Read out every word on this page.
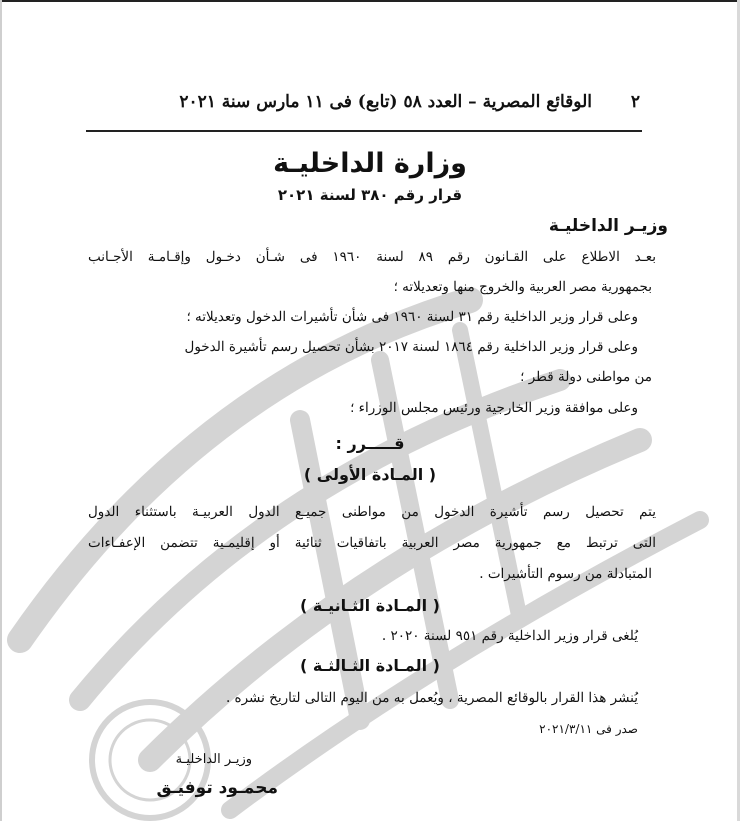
٢
الوقائع المصرية – العدد ٥٨ (تابع) فى ١١ مارس سنة ٢٠٢١
وزارة الداخليـة
قرار رقم ٣٨٠ لسنة ٢٠٢١
وزيـر الداخليـة
بعـد الاطلاع على القـانون رقم ٨٩ لسنة ١٩٦٠ فى شـأن دخـول وإقـامـة الأجـانب
بجمهورية مصر العربية والخروج منها وتعديلاته ؛
وعلى قرار وزير الداخلية رقم ٣١ لسنة ١٩٦٠ فى شأن تأشيرات الدخول وتعديلاته ؛
وعلى قرار وزير الداخلية رقم ١٨٦٤ لسنة ٢٠١٧ بشأن تحصيل رسم تأشيرة الدخول
من مواطنى دولة قطر ؛
وعلى موافقة وزير الخارجية ورئيس مجلس الوزراء ؛
قـــــرر :
( المـادة الأولى )
يتم تحصيل رسم تأشيرة الدخول من مواطنى جميـع الدول العربيـة باستثناء الدول
التى ترتبط مع جمهورية مصر العربية باتفاقيات ثنائية أو إقليمـية تتضمن الإعفـاءات
المتبادلة من رسوم التأشيرات .
( المـادة الثـانيـة )
يُلغى قرار وزير الداخلية رقم ٩٥١ لسنة ٢٠٢٠ .
( المـادة الثـالثـة )
يُنشر هذا القرار بالوقائع المصرية ، ويُعمل به من اليوم التالى لتاريخ نشره .
صدر فى ٢٠٢١/٣/١١
وزيـر الداخليـة
محمـود توفيـق
